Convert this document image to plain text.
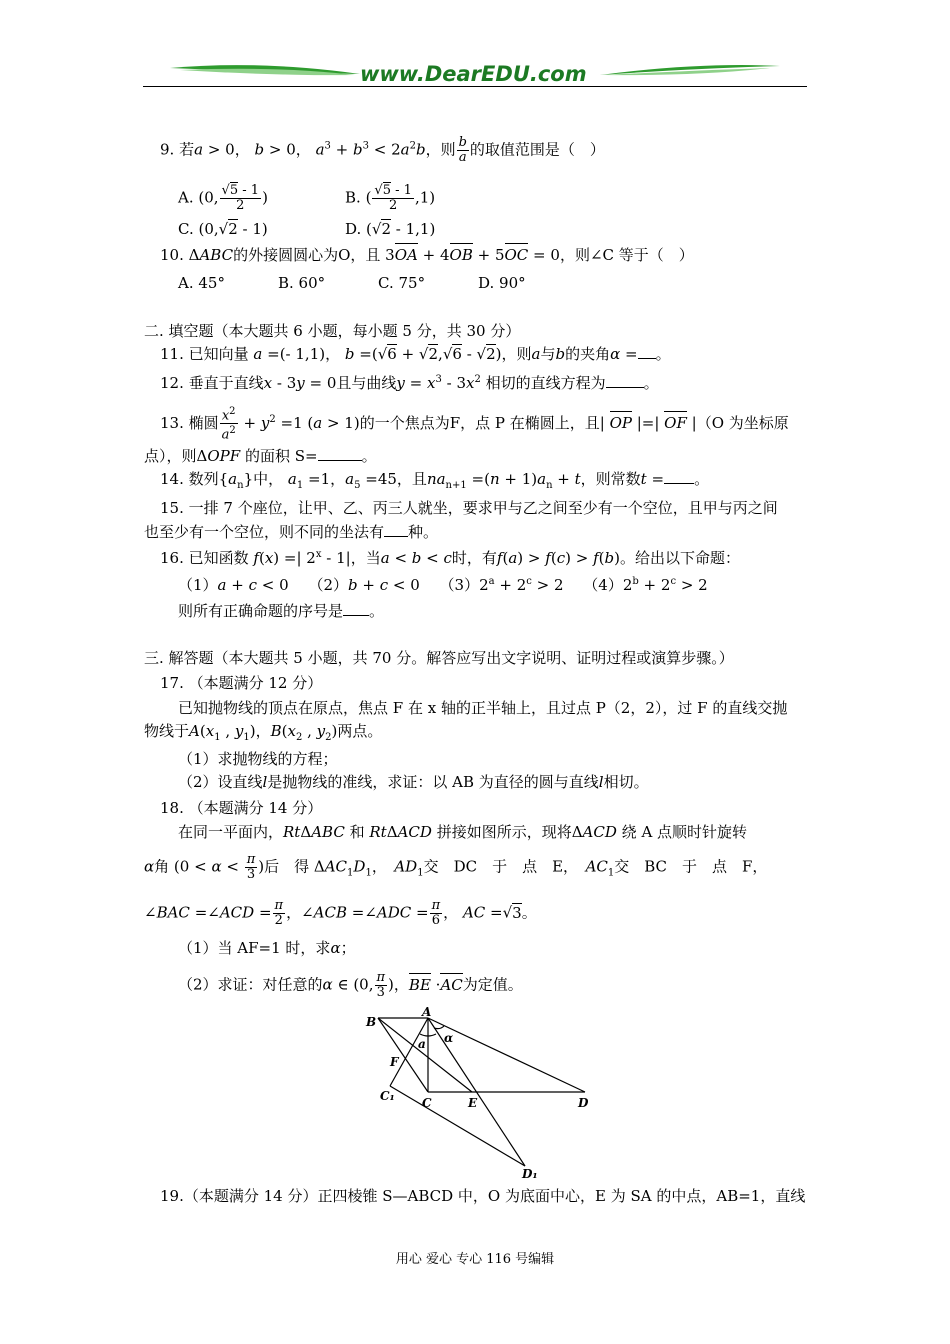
www.DearEDU.com
9. 若a > 0， b > 0， $a^3 + b^3 < 2a^2b$，则 $\frac{b}{a}$ 的取值范围是（　）
A. (0, $\frac{√5 - 1}{2}$ )	B. ( $\frac{√5 - 1}{2} ,1$)
C. (0,√2 - 1)	D. (√2 - 1,1)
10. ΔABC的外接圆圆心为O，且 3OA + 4OB + 5OC = 0，则∠C 等于（　）
A. 45°	B. 60°	C. 75°	D. 90°
二. 填空题（本大题共 6 小题，每小题 5 分，共 30 分）
11. 已知向量 a =(- 1,1)， b =(√6 + √2,√6 - √2)，则a与b的夹角α = 。
12. 垂直于直线x - 3y = 0且与曲线$y = x^3 - 3x^2$ 相切的直线方程为	。
13. 椭圆 $\frac{x^2}{a^2} + y^2 =1$ (a > 1)的一个焦点为F，点 P 在椭圆上，且| OP |=| OF |（O 为坐标原
点），则ΔOPF 的面积 S=	。
14. 数列$\{a_n\}$中， $a_1 =1$，$a_5 =45$，且$na_{n+1} =(n + 1)a_n + t$，则常数t = 。
15. 一排 7 个座位，让甲、乙、丙三人就坐，要求甲与乙之间至少有一个空位，且甲与丙之间
也至少有一个空位，则不同的坐法有 种。
16. 已知函数 f(x) =| 2$^x$ - 1|，当a < b < c时，有f(a) > f(c) > f(b)。给出以下命题：
（1）a + c < 0　 （2）b + c < 0　 $(3)2^a + 2^c > 2$　 $(4)2^b + 2^c > 2$
则所有正确命题的序号是 。
三. 解答题（本大题共 5 小题，共 70 分。解答应写出文字说明、证明过程或演算步骤。）
17. （本题满分 12 分）
已知抛物线的顶点在原点，焦点 F 在 x 轴的正半轴上，且过点 P（2，2），过 F 的直线交抛
物线于$A(x_1$ , $y_1$)，$B(x_2$ , $y_2$)两点。
（1）求抛物线的方程；
（2）设直线l是抛物线的准线，求证：以 AB 为直径的圆与直线l相切。
18. （本题满分 14 分）
在同一平面内，RtΔABC 和 RtΔACD 拼接如图所示，现将ΔACD 绕 A 点顺时针旋转
α角 ($0 < \alpha < \frac{\pi}{3}$ )后　得 $\Delta AC_1D_1$，　 $AD_1$交　DC　于　点　E，　 $AC_1$交　BC　于　点　F，
∠BAC =∠ACD = $\frac{\pi}{2}$ ，∠ACB =∠ADC = $\frac{\pi}{6}$ ， AC =√3。
（1）当 AF=1 时，求α；
（2）求证：对任意的α ∈ (0, $\frac{\pi}{3}$ )，BE ·AC为定值。
B
A
a α
F
C₁ C	E	D
D₁
19.（本题满分 14 分）正四棱锥 S—ABCD 中，O 为底面中心，E 为 SA 的中点，AB=1，直线
用心 爱心 专心 116 号编辑
